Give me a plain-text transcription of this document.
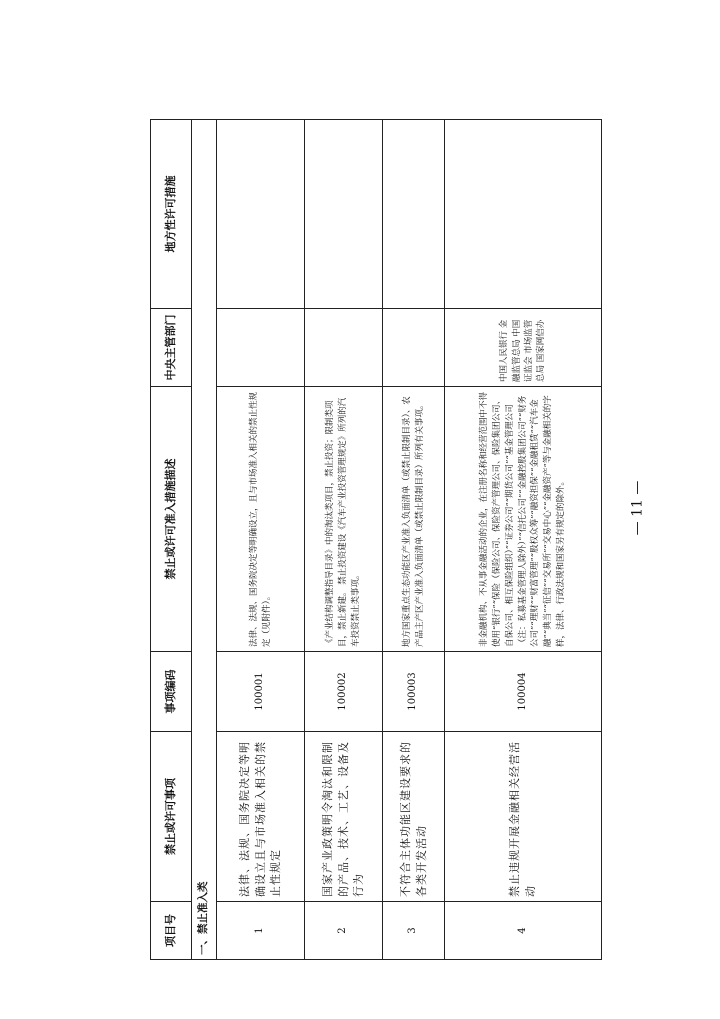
项目号	禁止或许可事项	事项编码	禁止或许可准入措施描述	中央主管部门	地方性许可措施
一、禁止准入类					
1	法律、法规、国务院决定等明确设立且与市场准入相关的禁止性规定	100001	法律、法规、国务院决定等明确设立，且与市场准入相关的禁止性规定（见附件）。		
2	国家产业政策明令淘汰和限制的产品、技术、工艺、设备及行为	100002	《产业结构调整指导目录》中的淘汰类项目，禁止投资；限制类项目，禁止新建。 禁止投资建设《汽车产业投资管理规定》所列的汽车投资禁止类事项。		
3	不符合主体功能区建设要求的各类开发活动	100003	地方国家重点生态功能区产业准入负面清单（或禁止限制目录）、农产品主产区产业准入负面清单（或禁止限制目录）所列有关事项。		
4	禁止违规开展金融相关经营活动	100004	非金融机构、不从事金融活动的企业，在注册名称和经营范围中不得使用“银行”“保险（保险公司、保险资产管理公司、保险集团公司、自保公司、相互保险组织）”“证券公司”“期货公司”“基金管理公司（注：私募基金管理人除外）”“信托公司”“金融控股集团公司”“财务公司”“理财”“财富管理”“股权众筹”“融资担保”“金融租赁”“汽车金融”“典当”“征信”“交易所”“交易中心”“金融资产”等与金融相关的字样，法律、行政法规和国家另有规定的除外。	中国人民银行 金融监管总局 中国证监会 市场监管总局 国家网信办	
— 11 —
